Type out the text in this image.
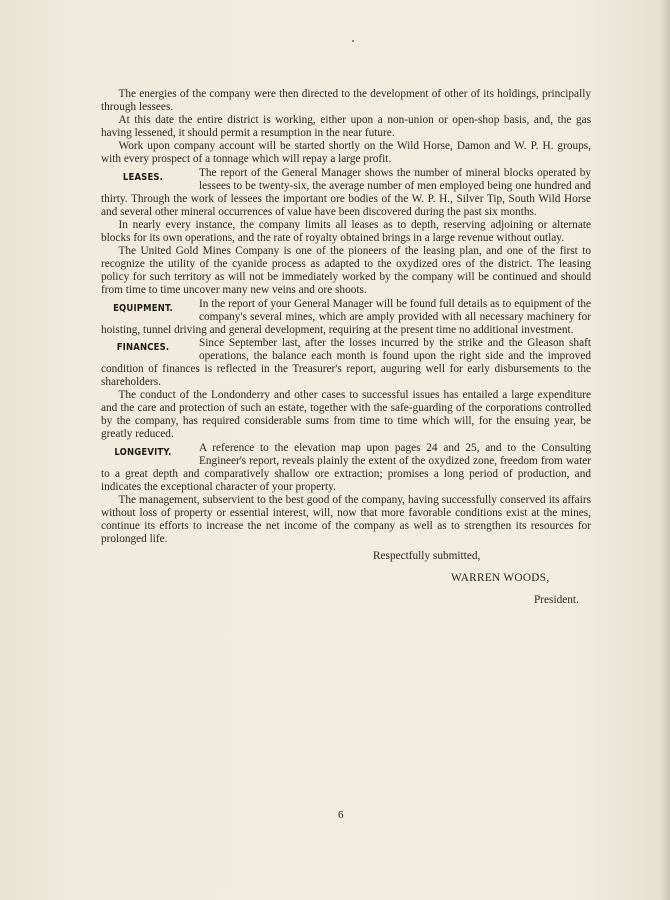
The energies of the company were then directed to the development of other of its holdings, principally through lessees.

At this date the entire district is working, either upon a non-union or open-shop basis, and, the gas having lessened, it should permit a resumption in the near future.

Work upon company account will be started shortly on the Wild Horse, Damon and W. P. H. groups, with every prospect of a tonnage which will repay a large profit.

LEASES.	The report of the General Manager shows the number of mineral blocks operated by lessees to be twenty-six, the average number of men employed being one hundred and thirty. Through the work of lessees the important ore bodies of the W. P. H., Silver Tip, South Wild Horse and several other mineral occurrences of value have been discovered during the past six months.

In nearly every instance, the company limits all leases as to depth, reserving adjoining or alternate blocks for its own operations, and the rate of royalty obtained brings in a large revenue without outlay.

The United Gold Mines Company is one of the pioneers of the leasing plan, and one of the first to recognize the utility of the cyanide process as adapted to the oxydized ores of the district. The leasing policy for such territory as will not be immediately worked by the company will be continued and should from time to time uncover many new veins and ore shoots.

EQUIPMENT.	In the report of your General Manager will be found full details as to equipment of the company's several mines, which are amply provided with all necessary machinery for hoisting, tunnel driving and general development, requiring at the present time no additional investment.
FINANCES.	Since September last, after the losses incurred by the strike and the Gleason shaft operations, the balance each month is found upon the right side and the improved condition of finances is reflected in the Treasurer's report, auguring well for early disbursements to the shareholders.

The conduct of the Londonderry and other cases to successful issues has entailed a large expenditure and the care and protection of such an estate, together with the safe-guarding of the corporations controlled by the company, has required considerable sums from time to time which will, for the ensuing year, be greatly reduced.

LONGEVITY.	A reference to the elevation map upon pages 24 and 25, and to the Consulting Engineer's report, reveals plainly the extent of the oxydized zone, freedom from water to a great depth and comparatively shallow ore extraction; promises a long period of production, and indicates the exceptional character of your property.

The management, subservient to the best good of the company, having successfully conserved its affairs without loss of property or essential interest, will, now that more favorable conditions exist at the mines, continue its efforts to increase the net income of the company as well as to strengthen its resources for prolonged life.

Respectfully submitted,
WARREN WOODS,
President.
6
